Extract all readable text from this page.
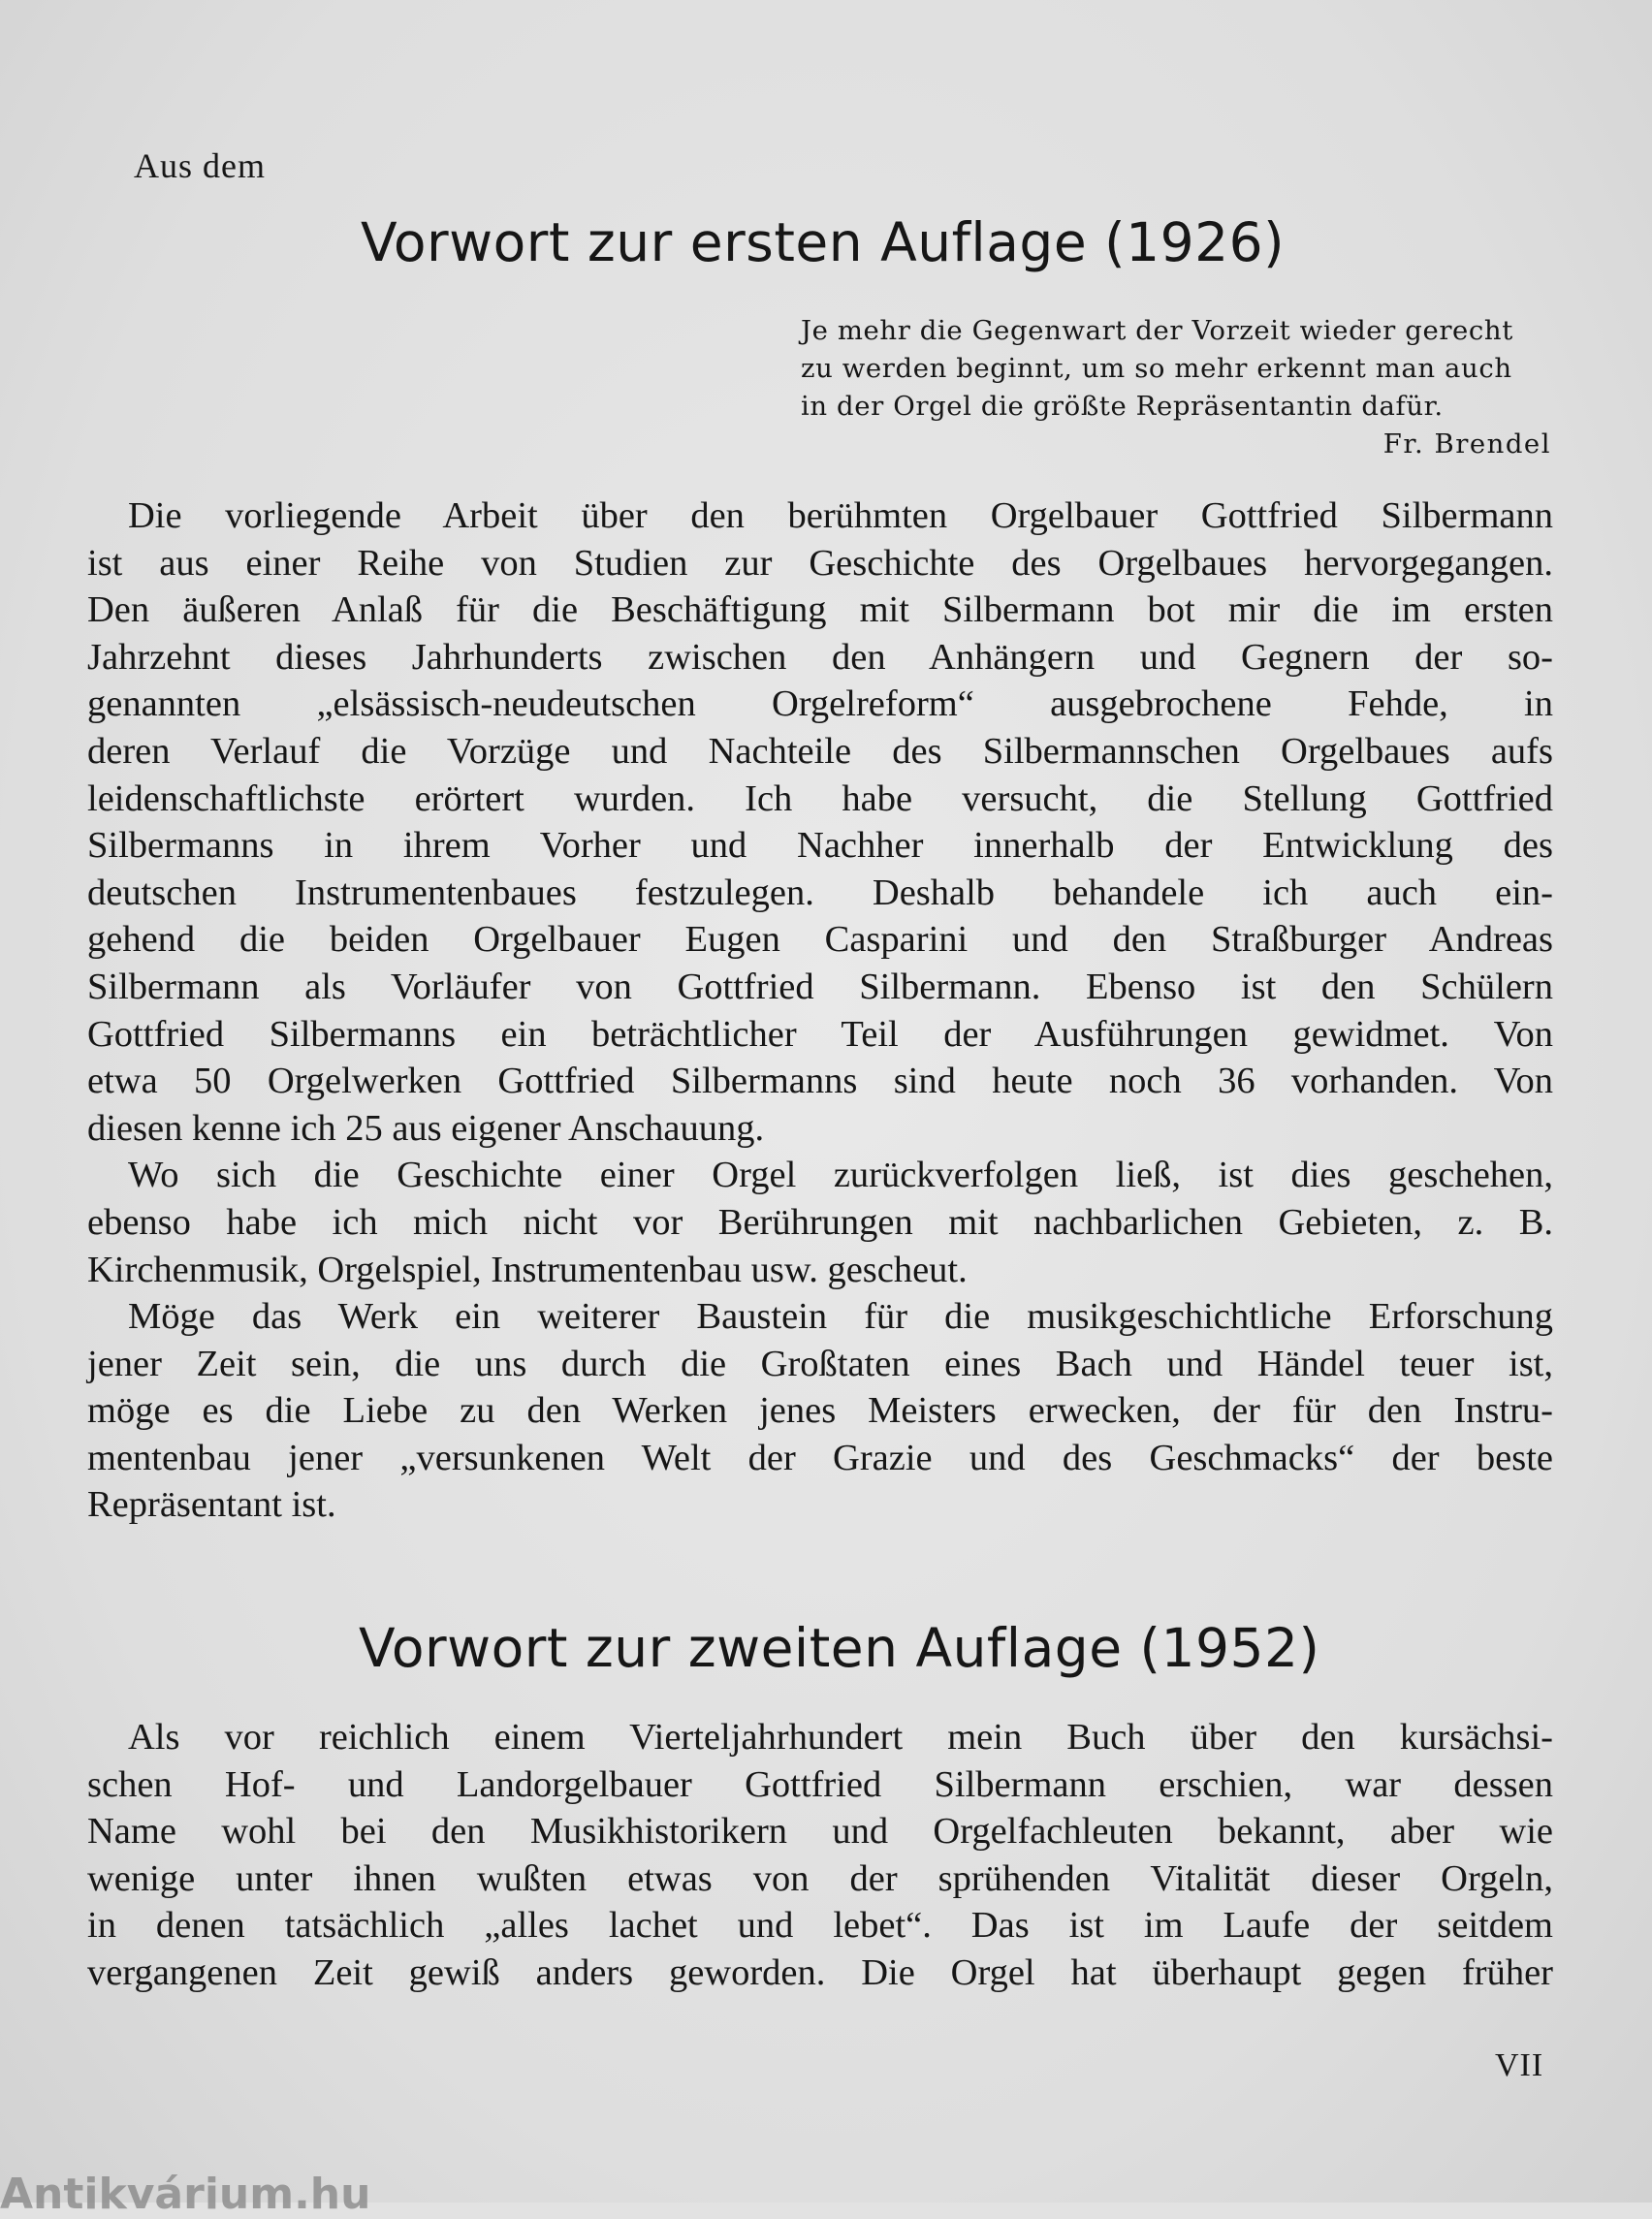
Aus dem
Vorwort zur ersten Auflage (1926)
Je mehr die Gegenwart der Vorzeit wieder gerecht
zu werden beginnt, um so mehr erkennt man auch
in der Orgel die größte Repräsentantin dafür.
Fr. Brendel
Die vorliegende Arbeit über den berühmten Orgelbauer Gottfried Silbermann
ist aus einer Reihe von Studien zur Geschichte des Orgelbaues hervorgegangen.
Den äußeren Anlaß für die Beschäftigung mit Silbermann bot mir die im ersten
Jahrzehnt dieses Jahrhunderts zwischen den Anhängern und Gegnern der so-
genannten „elsässisch-neudeutschen Orgelreform“ ausgebrochene Fehde, in
deren Verlauf die Vorzüge und Nachteile des Silbermannschen Orgelbaues aufs
leidenschaftlichste erörtert wurden. Ich habe versucht, die Stellung Gottfried
Silbermanns in ihrem Vorher und Nachher innerhalb der Entwicklung des
deutschen Instrumentenbaues festzulegen. Deshalb behandele ich auch ein-
gehend die beiden Orgelbauer Eugen Casparini und den Straßburger Andreas
Silbermann als Vorläufer von Gottfried Silbermann. Ebenso ist den Schülern
Gottfried Silbermanns ein beträchtlicher Teil der Ausführungen gewidmet. Von
etwa 50 Orgelwerken Gottfried Silbermanns sind heute noch 36 vorhanden. Von
diesen kenne ich 25 aus eigener Anschauung.
Wo sich die Geschichte einer Orgel zurückverfolgen ließ, ist dies geschehen,
ebenso habe ich mich nicht vor Berührungen mit nachbarlichen Gebieten, z. B.
Kirchenmusik, Orgelspiel, Instrumentenbau usw. gescheut.
Möge das Werk ein weiterer Baustein für die musikgeschichtliche Erforschung
jener Zeit sein, die uns durch die Großtaten eines Bach und Händel teuer ist,
möge es die Liebe zu den Werken jenes Meisters erwecken, der für den Instru-
mentenbau jener „versunkenen Welt der Grazie und des Geschmacks“ der beste
Repräsentant ist.
Vorwort zur zweiten Auflage (1952)
Als vor reichlich einem Vierteljahrhundert mein Buch über den kursächsi-
schen Hof- und Landorgelbauer Gottfried Silbermann erschien, war dessen
Name wohl bei den Musikhistorikern und Orgelfachleuten bekannt, aber wie
wenige unter ihnen wußten etwas von der sprühenden Vitalität dieser Orgeln,
in denen tatsächlich „alles lachet und lebet“. Das ist im Laufe der seitdem
vergangenen Zeit gewiß anders geworden. Die Orgel hat überhaupt gegen früher
VII
Antikvárium.hu
